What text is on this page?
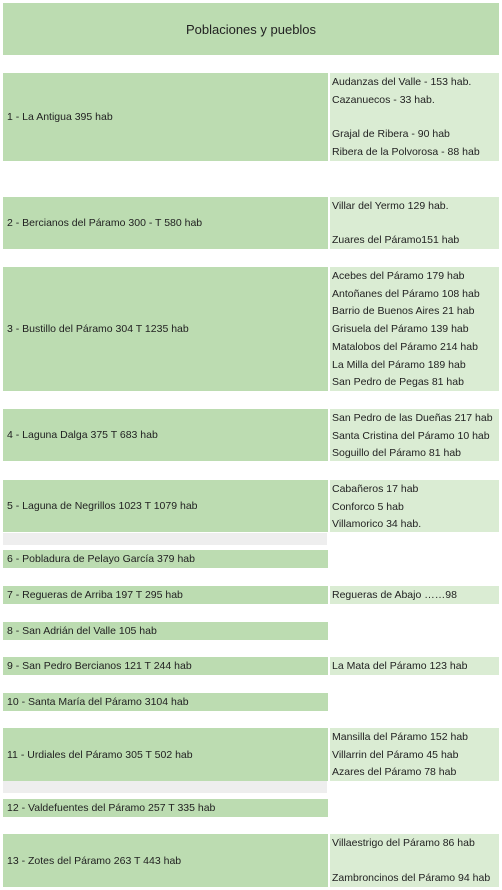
Poblaciones y pueblos
1 - La Antigua 395 hab
Audanzas del Valle - 153 hab.
Cazanuecos - 33 hab.
Grajal de Ribera - 90 hab
Ribera de la Polvorosa - 88 hab
2 - Bercianos del Páramo 300 - T 580 hab
Villar del Yermo 129 hab.
Zuares del Páramo151 hab
3 - Bustillo del Páramo 304 T 1235 hab
Acebes del Páramo 179 hab
Antoñanes del Páramo 108 hab
Barrio de Buenos Aires 21 hab
Grisuela del Páramo 139 hab
Matalobos del Páramo 214 hab
La Milla del Páramo 189 hab
San Pedro de Pegas 81 hab
4 - Laguna Dalga 375 T 683 hab
San Pedro de las Dueñas 217 hab
Santa Cristina del Páramo 10 hab
Soguillo del Páramo 81 hab
5 - Laguna de Negrillos 1023 T 1079 hab
Cabañeros 17 hab
Conforco 5 hab
Villamorico 34 hab.
6 - Pobladura de Pelayo García 379 hab
7 - Regueras de Arriba 197 T 295 hab	Regueras de Abajo ……98
8 - San Adrián del Valle 105 hab
9 - San Pedro Bercianos 121 T 244 hab	La Mata del Páramo 123 hab
10 - Santa María del Páramo 3104 hab
11 - Urdiales del Páramo 305 T 502 hab
Mansilla del Páramo 152 hab
Villarrin del Páramo 45 hab
Azares del Páramo 78 hab
12 - Valdefuentes del Páramo 257 T 335 hab
13 - Zotes del Páramo 263 T 443 hab
Villaestrigo del Páramo 86 hab
Zambroncinos del Páramo 94 hab
